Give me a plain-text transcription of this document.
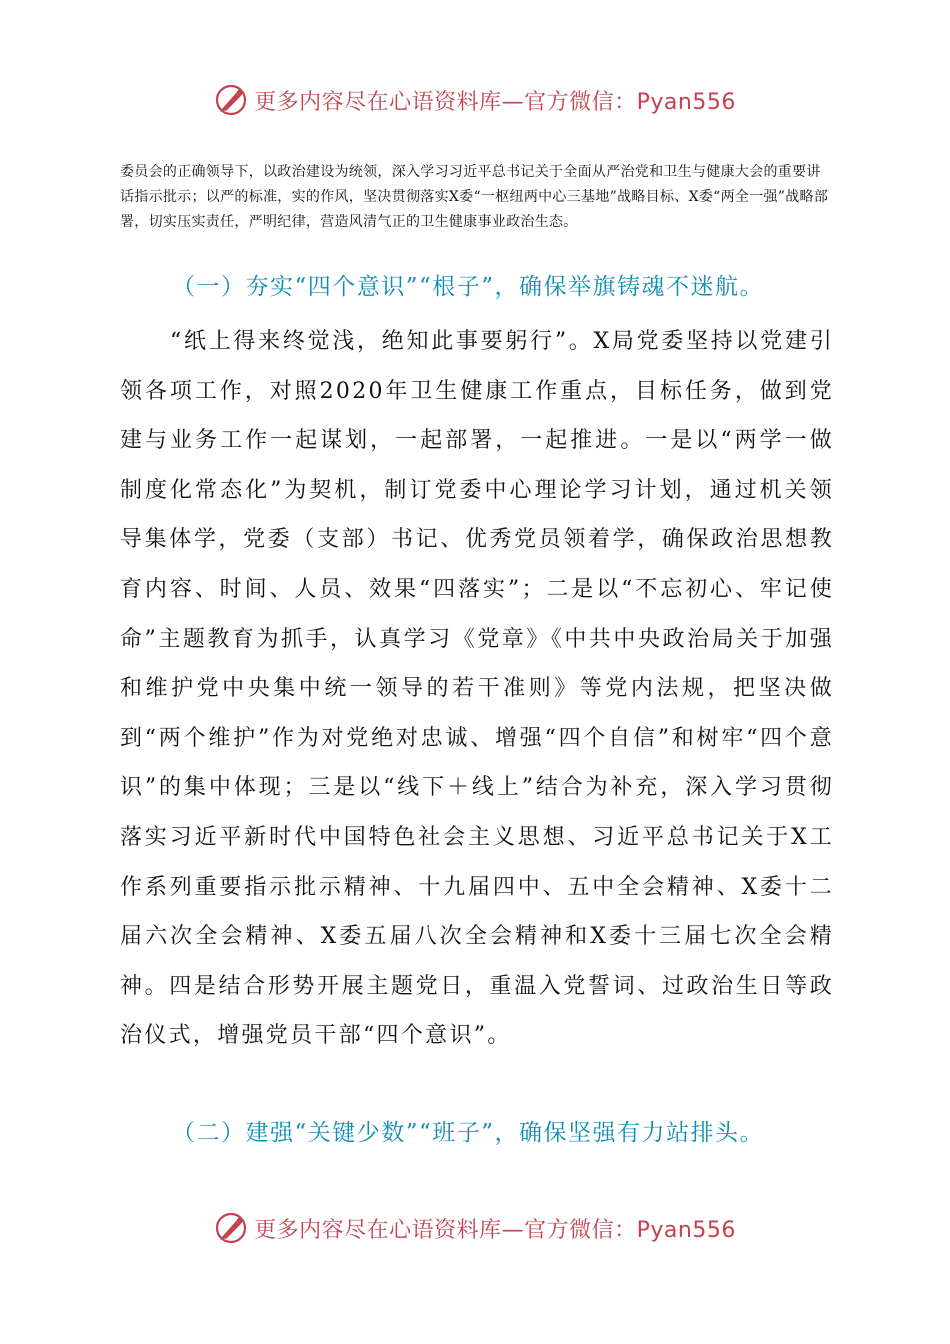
更多内容尽在心语资料库—官方微信：Pyan556

委员会的正确领导下，以政治建设为统领，深入学习习近平总书记关于全面从严治党和卫生与健康大会的重要讲话指示批示；以严的标准，实的作风，坚决贯彻落实X委“一枢纽两中心三基地”战略目标、X委“两全一强”战略部署，切实压实责任，严明纪律，营造风清气正的卫生健康事业政治生态。

（一）夯实“四个意识”“根子”，确保举旗铸魂不迷航。

“纸上得来终觉浅，绝知此事要躬行”。X局党委坚持以党建引领各项工作，对照2020年卫生健康工作重点，目标任务，做到党建与业务工作一起谋划，一起部署，一起推进。一是以“两学一做制度化常态化”为契机，制订党委中心理论学习计划，通过机关领导集体学，党委（支部）书记、优秀党员领着学，确保政治思想教育内容、时间、人员、效果“四落实”；二是以“不忘初心、牢记使命”主题教育为抓手，认真学习《党章》《中共中央政治局关于加强和维护党中央集中统一领导的若干准则》等党内法规，把坚决做到“两个维护”作为对党绝对忠诚、增强“四个自信”和树牢“四个意识”的集中体现；三是以“线下＋线上”结合为补充，深入学习贯彻落实习近平新时代中国特色社会主义思想、习近平总书记关于X工作系列重要指示批示精神、十九届四中、五中全会精神、X委十二届六次全会精神、X委五届八次全会精神和X委十三届七次全会精神。四是结合形势开展主题党日，重温入党誓词、过政治生日等政治仪式，增强党员干部“四个意识”。

（二）建强“关键少数”“班子”，确保坚强有力站排头。

更多内容尽在心语资料库—官方微信：Pyan556
